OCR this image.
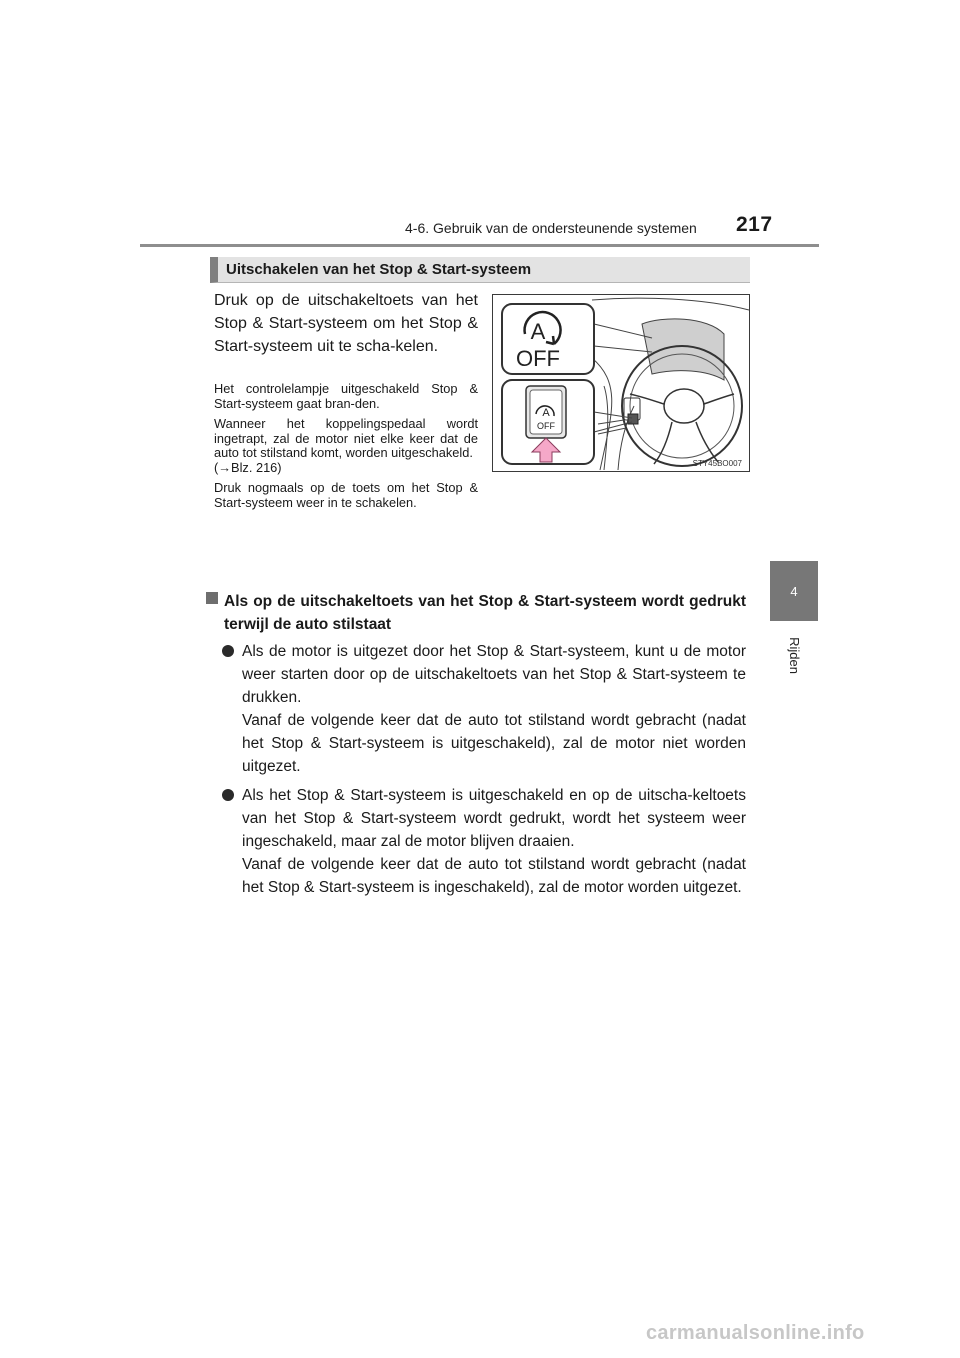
4-6. Gebruik van de ondersteunende systemen 217
4
Rijden
Uitschakelen van het Stop & Start-systeem

Druk op de uitschakeltoets van het Stop & Start-systeem om het Stop & Start-systeem uit te scha-kelen.

Het controlelampje uitgeschakeld Stop & Start-systeem gaat bran-den.

Wanneer het koppelingspedaal wordt ingetrapt, zal de motor niet elke keer dat de auto tot stilstand komt, worden uitgeschakeld.

(→Blz. 216)

Druk nogmaals op de toets om het Stop & Start-systeem weer in te schakelen.

A
OFF
A
OFF
STY45BO007

Als op de uitschakeltoets van het Stop & Start-systeem wordt gedrukt terwijl de auto stilstaat

Als de motor is uitgezet door het Stop & Start-systeem, kunt u de motor weer starten door op de uitschakeltoets van het Stop & Start-systeem te drukken.

Vanaf de volgende keer dat de auto tot stilstand wordt gebracht (nadat het Stop & Start-systeem is uitgeschakeld), zal de motor niet worden uitgezet.

Als het Stop & Start-systeem is uitgeschakeld en op de uitscha-keltoets van het Stop & Start-systeem wordt gedrukt, wordt het systeem weer ingeschakeld, maar zal de motor blijven draaien.

Vanaf de volgende keer dat de auto tot stilstand wordt gebracht (nadat het Stop & Start-systeem is ingeschakeld), zal de motor worden uitgezet.

carmanualsonline.info
